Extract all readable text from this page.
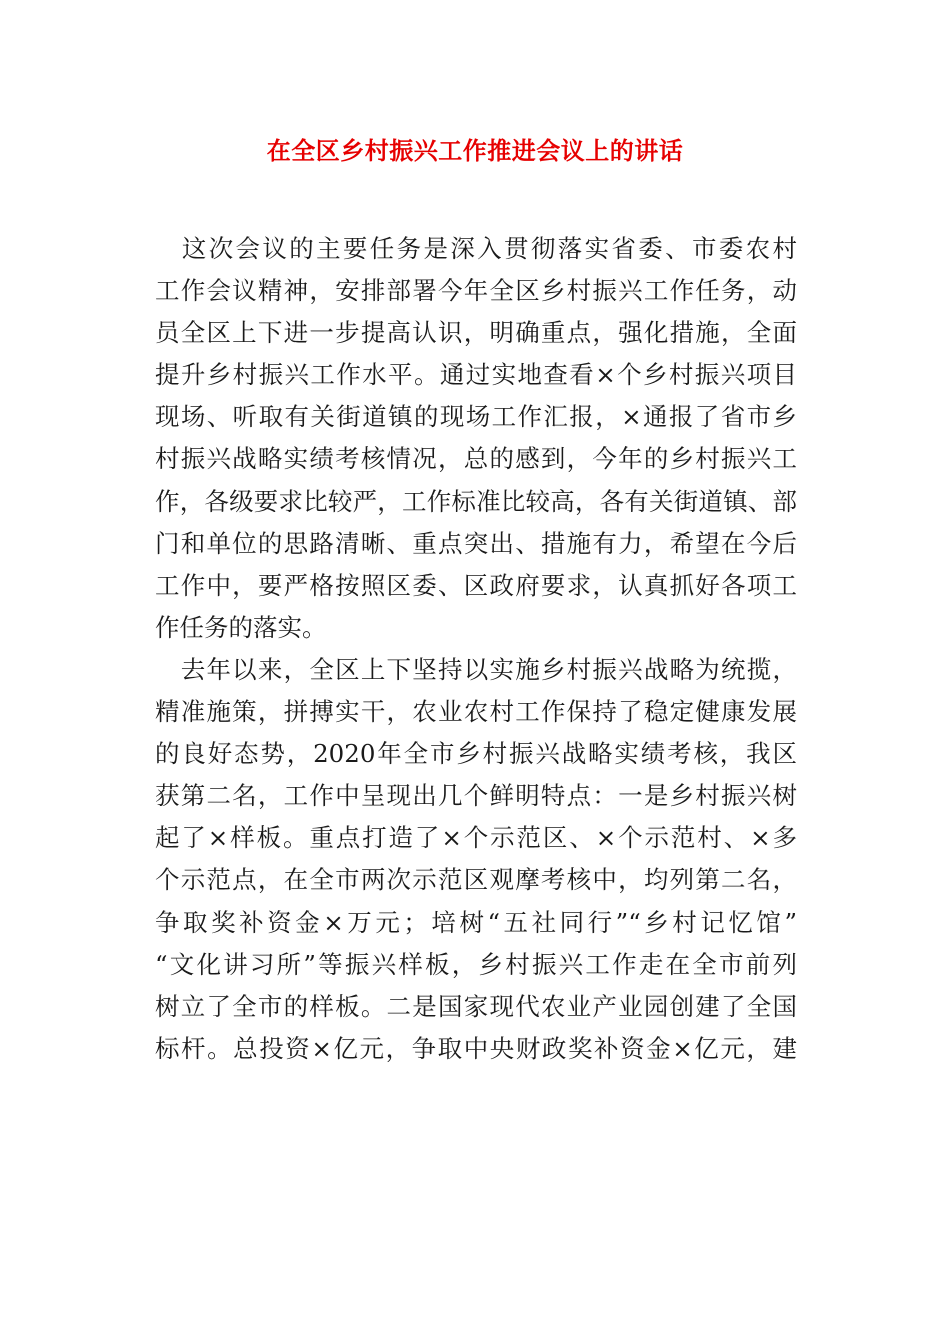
在全区乡村振兴工作推进会议上的讲话
　这次会议的主要任务是深入贯彻落实省委、市委农村
工作会议精神，安排部署今年全区乡村振兴工作任务，动
员全区上下进一步提高认识，明确重点，强化措施，全面
提升乡村振兴工作水平。通过实地查看×个乡村振兴项目
现场、听取有关街道镇的现场工作汇报，×通报了省市乡
村振兴战略实绩考核情况，总的感到，今年的乡村振兴工
作，各级要求比较严，工作标准比较高，各有关街道镇、部
门和单位的思路清晰、重点突出、措施有力，希望在今后
工作中，要严格按照区委、区政府要求，认真抓好各项工
作任务的落实。
　去年以来，全区上下坚持以实施乡村振兴战略为统揽，
精准施策，拼搏实干，农业农村工作保持了稳定健康发展
的良好态势，2020年全市乡村振兴战略实绩考核，我区
获第二名，工作中呈现出几个鲜明特点：一是乡村振兴树
起了×样板。重点打造了×个示范区、×个示范村、×多
个示范点，在全市两次示范区观摩考核中，均列第二名，
争取奖补资金×万元；培树“五社同行”“乡村记忆馆”
“文化讲习所”等振兴样板，乡村振兴工作走在全市前列
树立了全市的样板。二是国家现代农业产业园创建了全国
标杆。总投资×亿元，争取中央财政奖补资金×亿元，建
